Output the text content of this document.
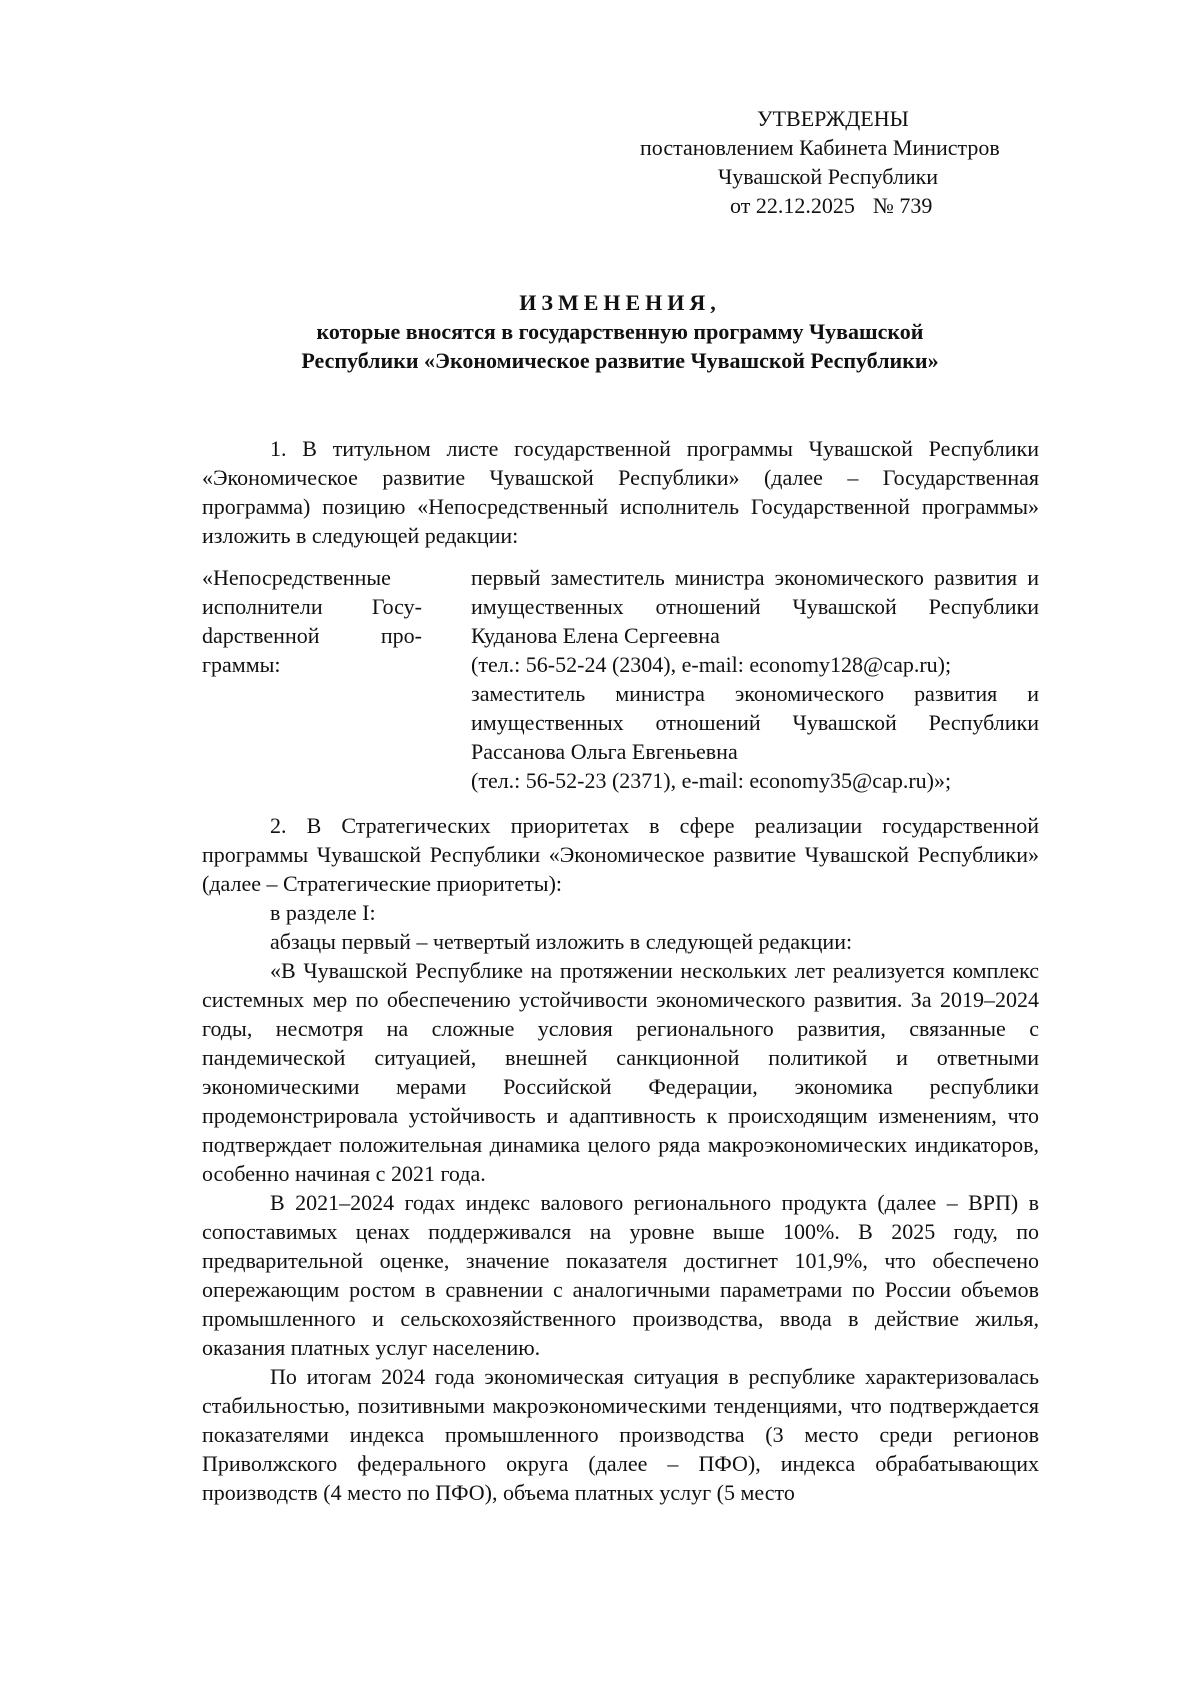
УТВЕРЖДЕНЫ
постановлением Кабинета Министров
Чувашской Республики
от 22.12.2025 № 739
ИЗМЕНЕНИЯ,
которые вносятся в государственную программу Чувашской
Республики «Экономическое развитие Чувашской Республики»

1. В титульном листе государственной программы Чувашской Республики «Экономическое развитие Чувашской Республики» (далее – Государственная программа) позицию «Непосредственный исполнитель Государственной программы» изложить в следующей редакции:

«Непосредственные исполнители Госуdарственной программы:
первый заместитель министра экономического развития и имущественных отношений Чувашской Республики Куданова Елена Сергеевна
(тел.: 56-52-24 (2304), e-mail: economy128@cap.ru);
заместитель министра экономического развития и имущественных отношений Чувашской Республики Рассанова Ольга Евгеньевна
(тел.: 56-52-23 (2371), e-mail: economy35@cap.ru)»;

2. В Стратегических приоритетах в сфере реализации государственной программы Чувашской Республики «Экономическое развитие Чувашской Республики» (далее – Стратегические приоритеты):

в разделе I:

абзацы первый – четвертый изложить в следующей редакции:

«В Чувашской Республике на протяжении нескольких лет реализуется комплекс системных мер по обеспечению устойчивости экономического развития. За 2019–2024 годы, несмотря на сложные условия регионального развития, связанные с пандемической ситуацией, внешней санкционной политикой и ответными экономическими мерами Российской Федерации, экономика республики продемонстрировала устойчивость и адаптивность к происходящим изменениям, что подтверждает положительная динамика целого ряда макроэкономических индикаторов, особенно начиная с 2021 года.

В 2021–2024 годах индекс валового регионального продукта (далее – ВРП) в сопоставимых ценах поддерживался на уровне выше 100%. В 2025 году, по предварительной оценке, значение показателя достигнет 101,9%, что обеспечено опережающим ростом в сравнении с аналогичными параметрами по России объемов промышленного и сельскохозяйственного производства, ввода в действие жилья, оказания платных услуг населению.

По итогам 2024 года экономическая ситуация в республике характеризовалась стабильностью, позитивными макроэкономическими тенденциями, что подтверждается показателями индекса промышленного производства (3 место среди регионов Приволжского федерального округа (далее – ПФО), индекса обрабатывающих производств (4 место по ПФО), объема платных услуг (5 место
